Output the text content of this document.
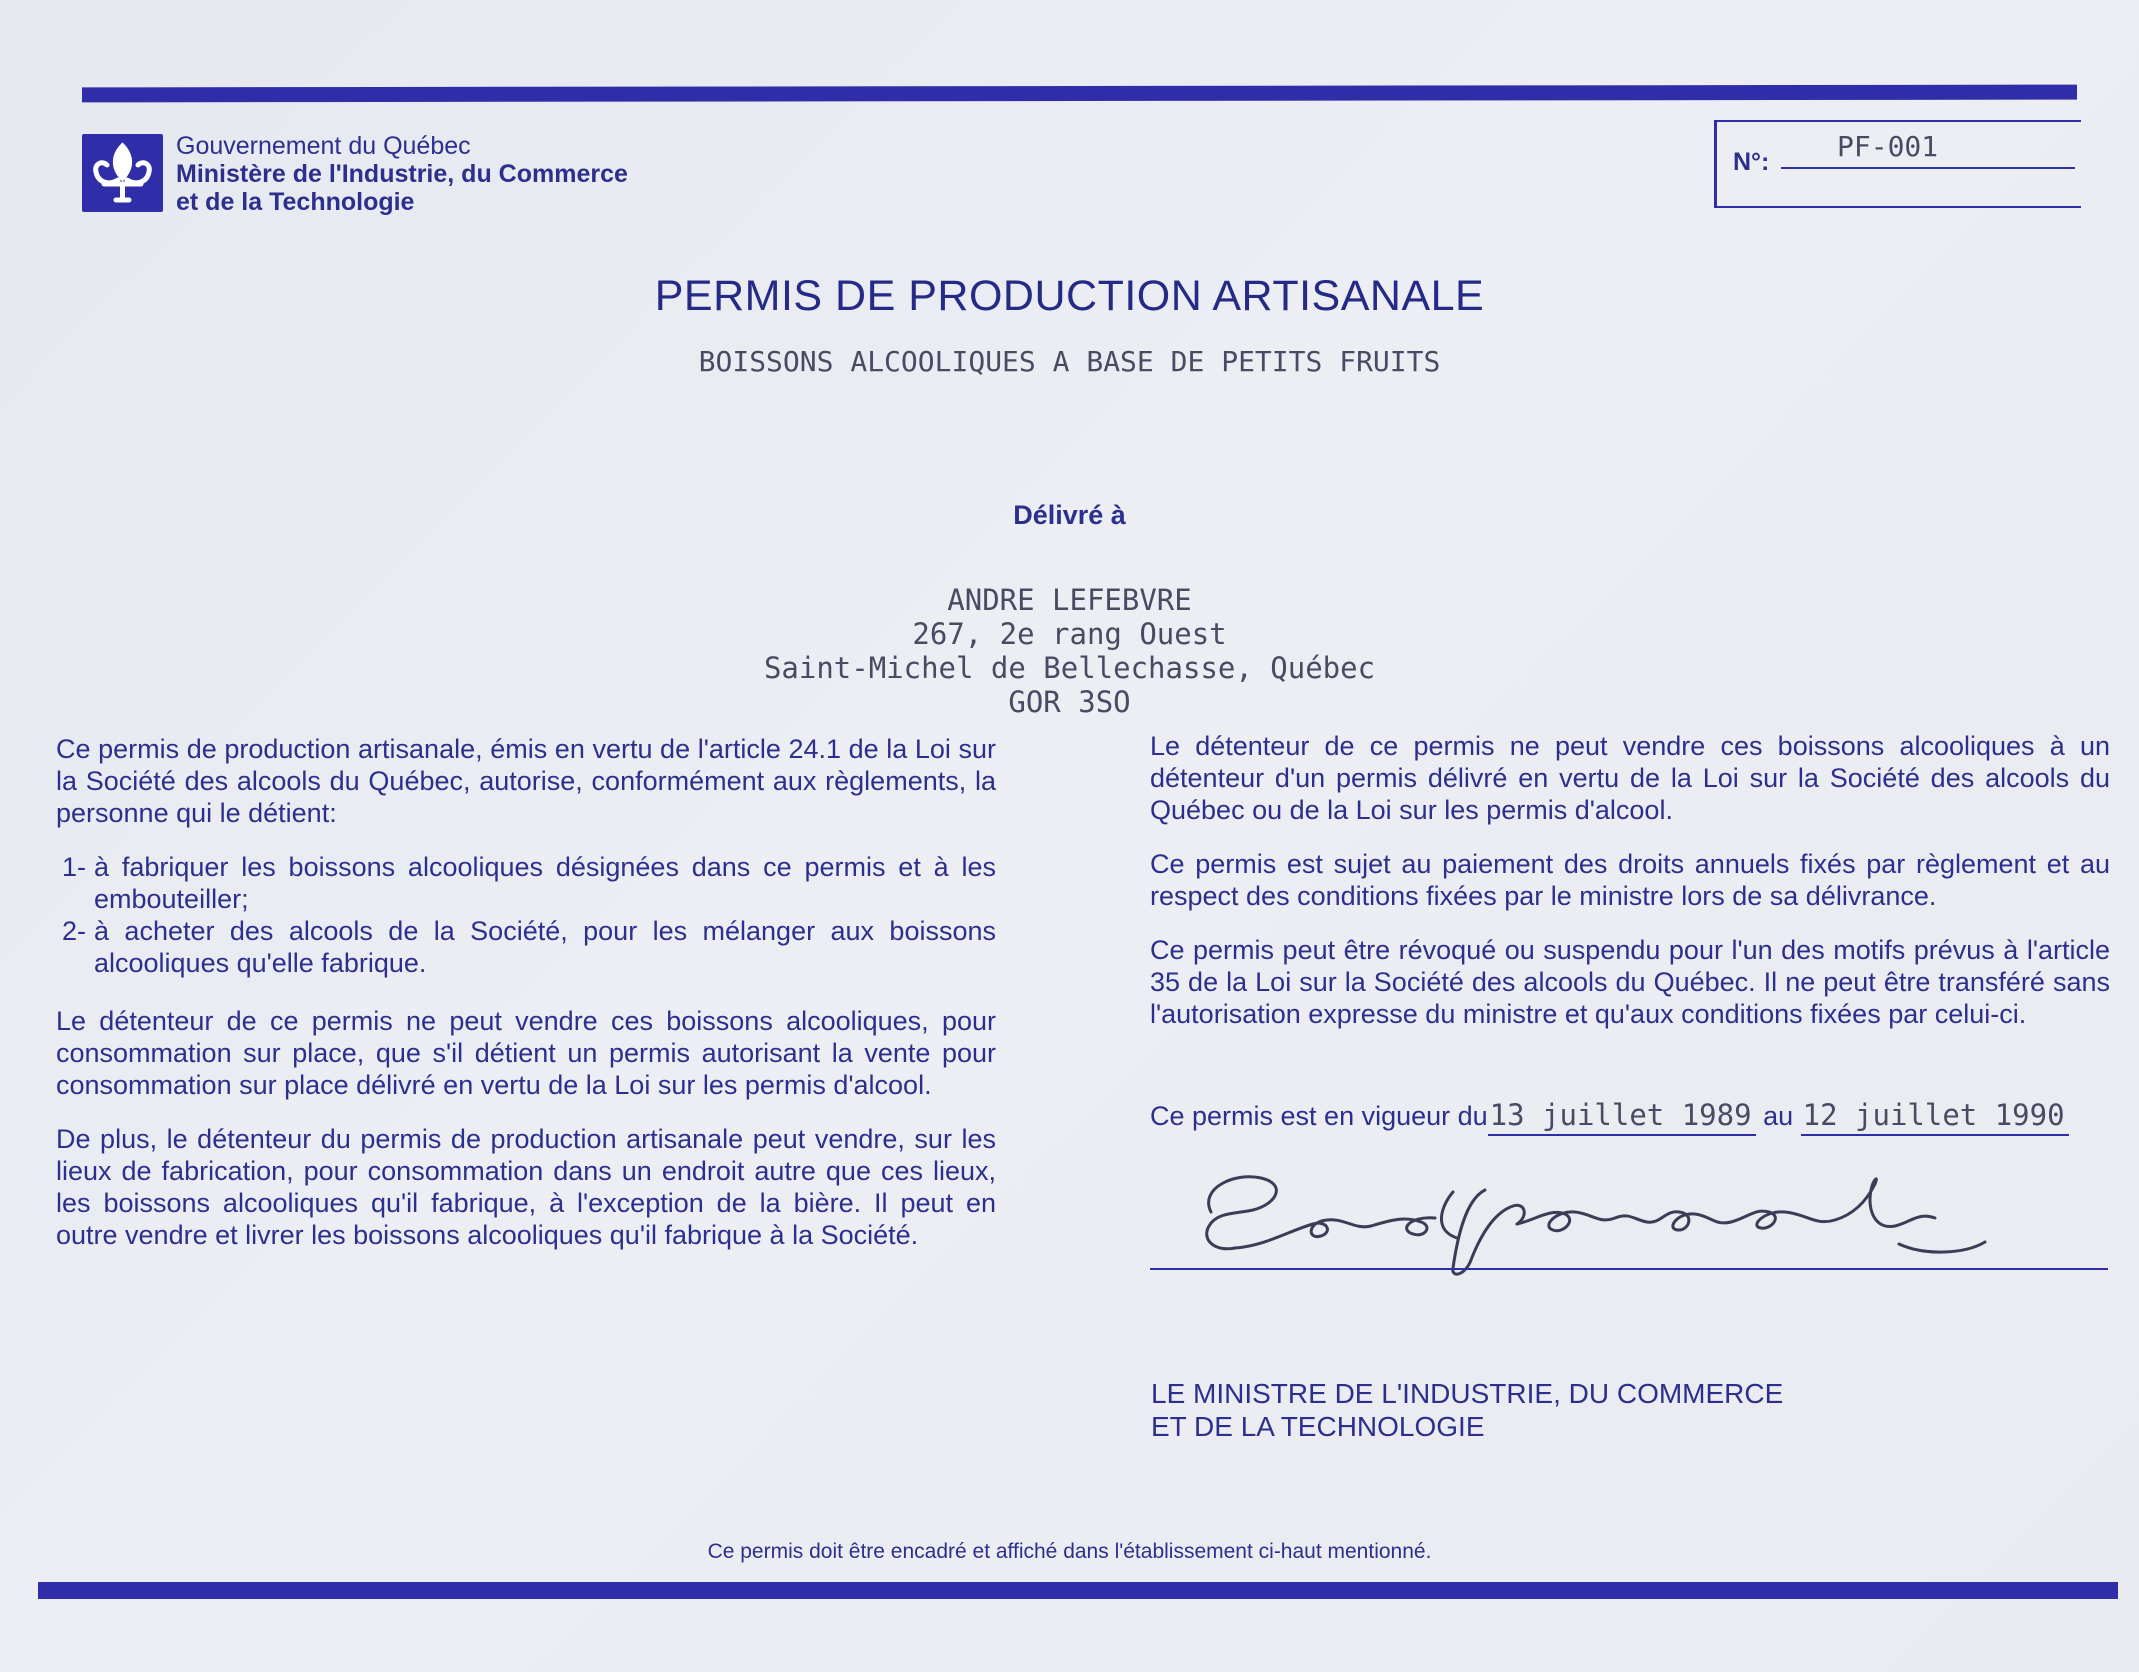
Gouvernement du Québec
Ministère de l'Industrie, du Commerce
et de la Technologie
N°: PF-001
PERMIS DE PRODUCTION ARTISANALE
BOISSONS ALCOOLIQUES A BASE DE PETITS FRUITS
Délivré à
ANDRE LEFEBVRE
267, 2e rang Ouest
Saint-Michel de Bellechasse, Québec
GOR 3SO

Ce permis de production artisanale, émis en vertu de l'article 24.1 de la Loi sur la Société des alcools du Québec, autorise, conformément aux règlements, la personne qui le détient:

1- à fabriquer les boissons alcooliques désignées dans ce permis et à les embouteiller;
2- à acheter des alcools de la Société, pour les mélanger aux boissons alcooliques qu'elle fabrique.

Le détenteur de ce permis ne peut vendre ces boissons alcooliques, pour consommation sur place, que s'il détient un permis autorisant la vente pour consommation sur place délivré en vertu de la Loi sur les permis d'alcool.

De plus, le détenteur du permis de production artisanale peut vendre, sur les lieux de fabrication, pour consommation dans un endroit autre que ces lieux, les boissons alcooliques qu'il fabrique, à l'exception de la bière. Il peut en outre vendre et livrer les boissons alcooliques qu'il fabrique à la Société.

Le détenteur de ce permis ne peut vendre ces boissons alcooliques à un détenteur d'un permis délivré en vertu de la Loi sur la Société des alcools du Québec ou de la Loi sur les permis d'alcool.

Ce permis est sujet au paiement des droits annuels fixés par règlement et au respect des conditions fixées par le ministre lors de sa délivrance.

Ce permis peut être révoqué ou suspendu pour l'un des motifs prévus à l'article 35 de la Loi sur la Société des alcools du Québec. Il ne peut être transféré sans l'autorisation expresse du ministre et qu'aux conditions fixées par celui-ci.

Ce permis est en vigueur du13 juillet 1989 au 12 juillet 1990
LE MINISTRE DE L'INDUSTRIE, DU COMMERCE
ET DE LA TECHNOLOGIE
Ce permis doit être encadré et affiché dans l'établissement ci-haut mentionné.
